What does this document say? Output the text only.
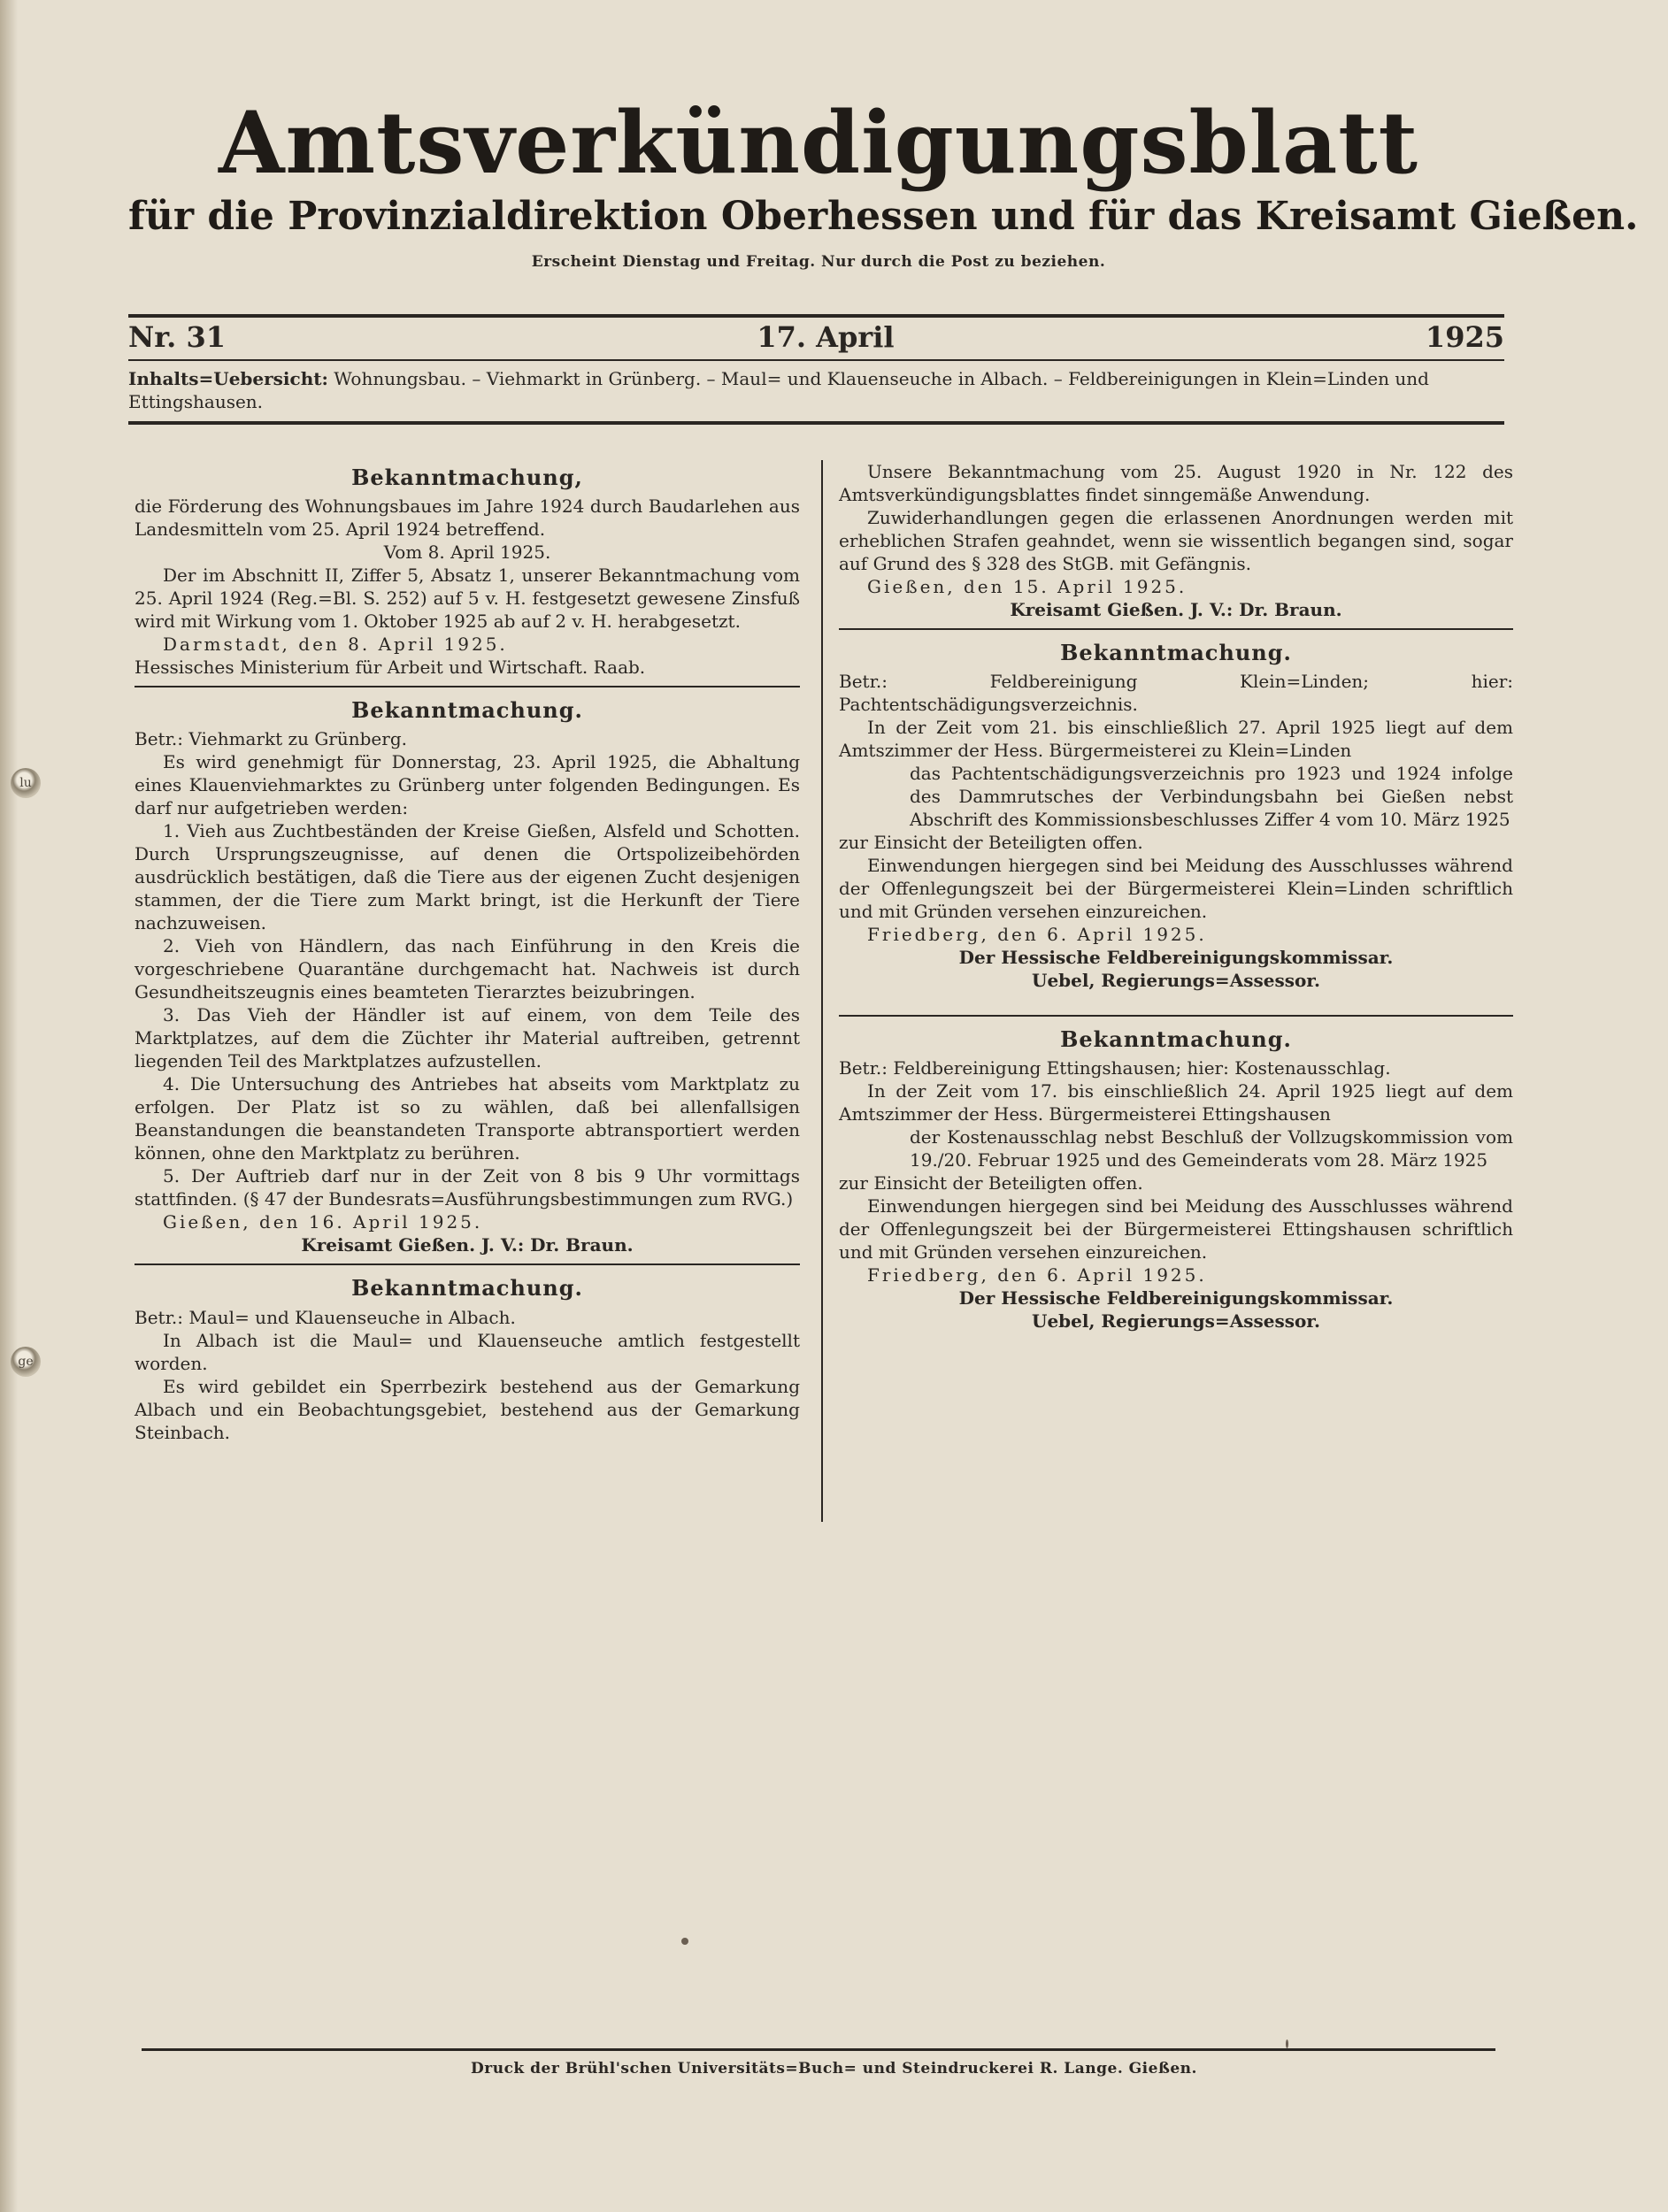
lu
ge
Amtsverkündigungsblatt
für die Provinzialdirektion Oberhessen und für das Kreisamt Gießen.
Erscheint Dienstag und Freitag. Nur durch die Post zu beziehen.
Nr. 31	17. April	1925
Inhalts=Uebersicht: Wohnungsbau. – Viehmarkt in Grünberg. – Maul= und Klauenseuche in Albach. – Feldbereinigungen in Klein=Linden und Ettingshausen.
Bekanntmachung,

die Förderung des Wohnungsbaues im Jahre 1924 durch Baudarlehen aus Landesmitteln vom 25. April 1924 betreffend.

Vom 8. April 1925.

Der im Abschnitt II, Ziffer 5, Absatz 1, unserer Bekanntmachung vom 25. April 1924 (Reg.=Bl. S. 252) auf 5 v. H. festgesetzt gewesene Zinsfuß wird mit Wirkung vom 1. Oktober 1925 ab auf 2 v. H. herabgesetzt.

Darmstadt, den 8. April 1925.

Hessisches Ministerium für Arbeit und Wirtschaft. Raab.

Bekanntmachung.

Betr.: Viehmarkt zu Grünberg.

Es wird genehmigt für Donnerstag, 23. April 1925, die Abhaltung eines Klauenviehmarktes zu Grünberg unter folgenden Bedingungen. Es darf nur aufgetrieben werden:

1. Vieh aus Zuchtbeständen der Kreise Gießen, Alsfeld und Schotten. Durch Ursprungszeugnisse, auf denen die Ortspolizeibehörden ausdrücklich bestätigen, daß die Tiere aus der eigenen Zucht desjenigen stammen, der die Tiere zum Markt bringt, ist die Herkunft der Tiere nachzuweisen.

2. Vieh von Händlern, das nach Einführung in den Kreis die vorgeschriebene Quarantäne durchgemacht hat. Nachweis ist durch Gesundheitszeugnis eines beamteten Tierarztes beizubringen.

3. Das Vieh der Händler ist auf einem, von dem Teile des Marktplatzes, auf dem die Züchter ihr Material auftreiben, getrennt liegenden Teil des Marktplatzes aufzustellen.

4. Die Untersuchung des Antriebes hat abseits vom Marktplatz zu erfolgen. Der Platz ist so zu wählen, daß bei allenfallsigen Beanstandungen die beanstandeten Transporte abtransportiert werden können, ohne den Marktplatz zu berühren.

5. Der Auftrieb darf nur in der Zeit von 8 bis 9 Uhr vormittags stattfinden. (§ 47 der Bundesrats=Ausführungsbestimmungen zum RVG.)

Gießen, den 16. April 1925.

Kreisamt Gießen. J. V.: Dr. Braun.

Bekanntmachung.

Betr.: Maul= und Klauenseuche in Albach.

In Albach ist die Maul= und Klauenseuche amtlich festgestellt worden.

Es wird gebildet ein Sperrbezirk bestehend aus der Gemarkung Albach und ein Beobachtungsgebiet, bestehend aus der Gemarkung Steinbach.

Unsere Bekanntmachung vom 25. August 1920 in Nr. 122 des Amtsverkündigungsblattes findet sinngemäße Anwendung.

Zuwiderhandlungen gegen die erlassenen Anordnungen werden mit erheblichen Strafen geahndet, wenn sie wissentlich begangen sind, sogar auf Grund des § 328 des StGB. mit Gefängnis.

Gießen, den 15. April 1925.

Kreisamt Gießen. J. V.: Dr. Braun.

Bekanntmachung.

Betr.: Feldbereinigung Klein=Linden; hier: Pachtentschädigungsverzeichnis.

In der Zeit vom 21. bis einschließlich 27. April 1925 liegt auf dem Amtszimmer der Hess. Bürgermeisterei zu Klein=Linden

das Pachtentschädigungsverzeichnis pro 1923 und 1924 infolge des Dammrutsches der Verbindungsbahn bei Gießen nebst Abschrift des Kommissionsbeschlusses Ziffer 4 vom 10. März 1925

zur Einsicht der Beteiligten offen.

Einwendungen hiergegen sind bei Meidung des Ausschlusses während der Offenlegungszeit bei der Bürgermeisterei Klein=Linden schriftlich und mit Gründen versehen einzureichen.

Friedberg, den 6. April 1925.

Der Hessische Feldbereinigungskommissar.

Uebel, Regierungs=Assessor.

Bekanntmachung.

Betr.: Feldbereinigung Ettingshausen; hier: Kostenausschlag.

In der Zeit vom 17. bis einschließlich 24. April 1925 liegt auf dem Amtszimmer der Hess. Bürgermeisterei Ettingshausen

der Kostenausschlag nebst Beschluß der Vollzugskommission vom 19./20. Februar 1925 und des Gemeinderats vom 28. März 1925

zur Einsicht der Beteiligten offen.

Einwendungen hiergegen sind bei Meidung des Ausschlusses während der Offenlegungszeit bei der Bürgermeisterei Ettingshausen schriftlich und mit Gründen versehen einzureichen.

Friedberg, den 6. April 1925.

Der Hessische Feldbereinigungskommissar.

Uebel, Regierungs=Assessor.

Druck der Brühl'schen Universitäts=Buch= und Steindruckerei R. Lange. Gießen.
